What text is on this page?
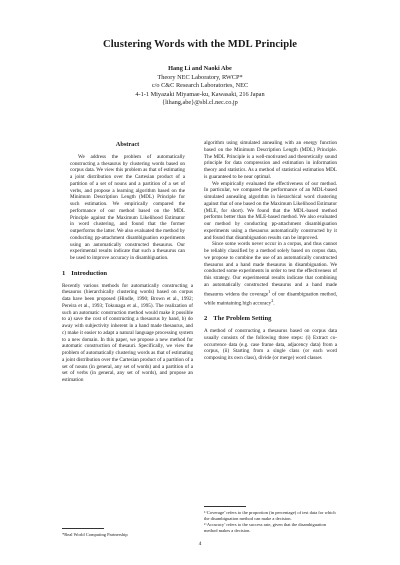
Clustering Words with the MDL Principle
Hang Li and Naoki Abe
Theory NEC Laboratory, RWCP*
c/o C&C Research Laboratories, NEC
4-1-1 Miyazaki Miyamae-ku, Kawasaki, 216 Japan
{lihang,abe}@sbl.cl.nec.co.jp
Abstract

We address the problem of automatically constructing a thesaurus by clustering words based on corpus data. We view this problem as that of estimating a joint distribution over the Cartesian product of a partition of a set of nouns and a partition of a set of verbs, and propose a learning algorithm based on the Minimum Description Length (MDL) Principle for such estimation. We empirically compared the performance of our method based on the MDL Principle against the Maximum Likelihood Estimator in word clustering, and found that the former outperforms the latter. We also evaluated the method by conducting pp-attachment disambiguation experiments using an automatically constructed thesaurus. Our experimental results indicate that such a thesaurus can be used to improve accuracy in disambiguation.

1 Introduction

Recently various methods for automatically constructing a thesaurus (hierarchically clustering words) based on corpus data have been proposed (Hindle, 1990; Brown et al., 1992; Pereira et al., 1993; Tokunaga et al., 1995). The realization of such an automatic construction method would make it possible to a) save the cost of constructing a thesaurus by hand, b) do away with subjectivity inherent in a hand made thesaurus, and c) make it easier to adapt a natural language processing system to a new domain. In this paper, we propose a new method for automatic construction of thesauri. Specifically, we view the problem of automatically clustering words as that of estimating a joint distribution over the Cartesian product of a partition of a set of nouns (in general, any set of words) and a partition of a set of verbs (in general, any set of words), and propose an estimation

*Real World Computing Partnership

algorithm using simulated annealing with an energy function based on the Minimum Description Length (MDL) Principle. The MDL Principle is a well-motivated and theoretically sound principle for data compression and estimation in information theory and statistics. As a method of statistical estimation MDL is guaranteed to be near optimal.

We empirically evaluated the effectiveness of our method. In particular, we compared the performance of an MDL-based simulated annealing algorithm in hierarchical word clustering against that of one based on the Maximum Likelihood Estimator (MLE, for short). We found that the MDL-based method performs better than the MLE-based method. We also evaluated our method by conducting pp-attachment disambiguation experiments using a thesaurus automatically constructed by it and found that disambiguation results can be improved.

Since some words never occur in a corpus, and thus cannot be reliably classified by a method solely based on corpus data, we propose to combine the use of an automatically constructed thesaurus and a hand made thesaurus in disambiguation. We conducted some experiments in order to test the effectiveness of this strategy. Our experimental results indicate that combining an automatically constructed thesaurus and a hand made thesaurus widens the coverage$^1$ of our disambiguation method, while maintaining high accuracy$^2$.

2 The Problem Setting

A method of constructing a thesaurus based on corpus data usually consists of the following three steps: (i) Extract co-occurrence data (e.g. case frame data, adjacency data) from a corpus, (ii) Starting from a single class (or each word composing its own class), divide (or merge) word classes

¹‘Coverage’ refers to the proportion (in percentage) of test data for which the disambiguation method can make a decision.
²‘Accuracy’ refers to the success rate, given that the disambiguation method makes a decision.
4
